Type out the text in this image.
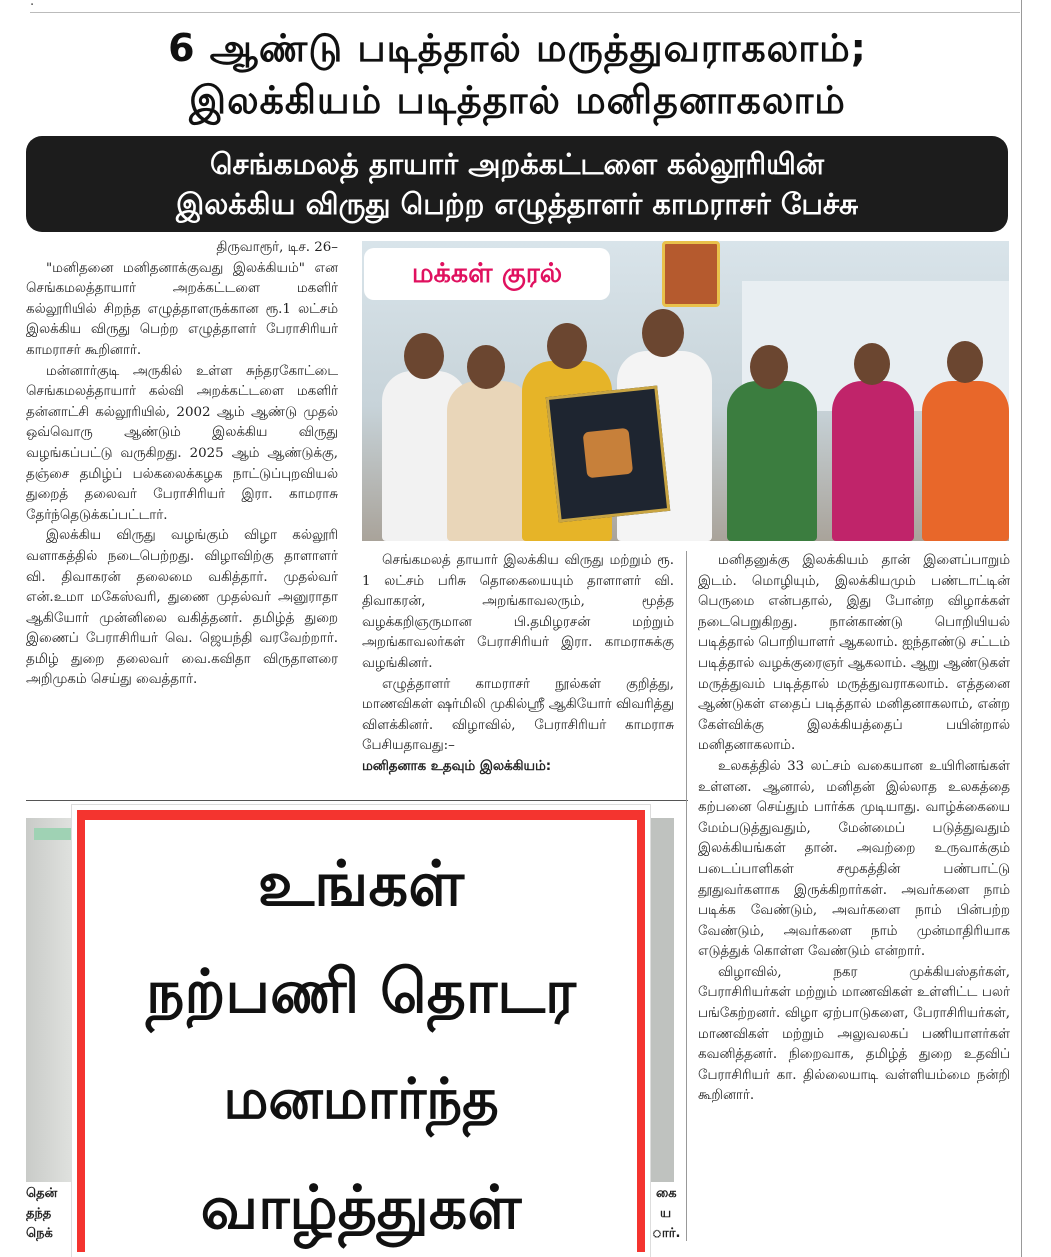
.
6 ஆண்டு படித்தால் மருத்துவராகலாம்;
இலக்கியம் படித்தால் மனிதனாகலாம்
செங்கமலத் தாயார் அறக்கட்டளை கல்லூரியின்
இலக்கிய விருது பெற்ற எழுத்தாளர் காமராசர் பேச்சு

திருவாரூர், டிச. 26–

"மனிதனை மனிதனாக்குவது இலக்கியம்" என செங்கமலத்தாயார் அறக்கட்டளை மகளிர் கல்லூரியில் சிறந்த எழுத்தாளருக்கான ரூ.1 லட்சம் இலக்கிய விருது பெற்ற எழுத்தாளர் பேராசிரியர் காமராசர் கூறினார்.

மன்னார்குடி அருகில் உள்ள சுந்தரகோட்டை செங்கமலத்தாயார் கல்வி அறக்கட்டளை மகளிர் தன்னாட்சி கல்லூரியில், 2002 ஆம் ஆண்டு முதல் ஒவ்வொரு ஆண்டும் இலக்கிய விருது வழங்கப்பட்டு வருகிறது. 2025 ஆம் ஆண்டுக்கு, தஞ்சை தமிழ்ப் பல்கலைக்கழக நாட்டுப்புறவியல் துறைத் தலைவர் பேராசிரியர் இரா. காமராசு தேர்ந்தெடுக்கப்பட்டார்.

இலக்கிய விருது வழங்கும் விழா கல்லூரி வளாகத்தில் நடைபெற்றது. விழாவிற்கு தாளாளர் வி. திவாகரன் தலைமை வகித்தார். முதல்வர் என்.உமா மகேஸ்வரி, துணை முதல்வர் அனுராதா ஆகியோர் முன்னிலை வகித்தனர். தமிழ்த் துறை இணைப் பேராசிரியர் வெ. ஜெயந்தி வரவேற்றார். தமிழ் துறை தலைவர் வை.கவிதா விருதாளரை அறிமுகம் செய்து வைத்தார்.

மக்கள் குரல்

செங்கமலத் தாயார் இலக்கிய விருது மற்றும் ரூ. 1 லட்சம் பரிசு தொகையையும் தாளாளர் வி. திவாகரன், அறங்காவலரும், மூத்த வழக்கறிஞருமான பி.தமிழரசன் மற்றும் அறங்காவலர்கள் பேராசிரியர் இரா. காமராசுக்கு வழங்கினர்.

எழுத்தாளர் காமராசர் நூல்கள் குறித்து, மாணவிகள் ஷர்மிலி முகில்ஸ்ரீ ஆகியோர் விவரித்து விளக்கினர். விழாவில், பேராசிரியர் காமராசு பேசியதாவது:–

மனிதனாக உதவும் இலக்கியம்:

மனிதனுக்கு இலக்கியம் தான் இளைப்பாறும் இடம். மொழியும், இலக்கியமும் பண்டாட்டின் பெருமை என்பதால், இது போன்ற விழாக்கள் நடைபெறுகிறது. நான்காண்டு பொறியியல் படித்தால் பொறியாளர் ஆகலாம். ஐந்தாண்டு சட்டம் படித்தால் வழக்குரைஞர் ஆகலாம். ஆறு ஆண்டுகள் மருத்துவம் படித்தால் மருத்துவராகலாம். எத்தனை ஆண்டுகள் எதைப் படித்தால் மனிதனாகலாம், என்ற கேள்விக்கு இலக்கியத்தைப் பயின்றால் மனிதனாகலாம்.

உலகத்தில் 33 லட்சம் வகையான உயிரினங்கள் உள்ளன. ஆனால், மனிதன் இல்லாத உலகத்தை கற்பனை செய்தும் பார்க்க முடியாது. வாழ்க்கையை மேம்படுத்துவதும், மேன்மைப் படுத்துவதும் இலக்கியங்கள் தான். அவற்றை உருவாக்கும் படைப்பாளிகள் சமூகத்தின் பண்பாட்டு தூதுவர்களாக இருக்கிறார்கள். அவர்களை நாம் படிக்க வேண்டும், அவர்களை நாம் பின்பற்ற வேண்டும், அவர்களை நாம் முன்மாதிரியாக எடுத்துக் கொள்ள வேண்டும் என்றார்.

விழாவில், நகர முக்கியஸ்தர்கள், பேராசிரியர்கள் மற்றும் மாணவிகள் உள்ளிட்ட பலர் பங்கேற்றனர். விழா ஏற்பாடுகளை, பேராசிரியர்கள், மாணவிகள் மற்றும் அலுவலகப் பணியாளர்கள் கவனித்தனர். நிறைவாக, தமிழ்த் துறை உதவிப் பேராசிரியர் கா. தில்லையாடி வள்ளியம்மை நன்றி கூறினார்.

தென்
தந்த
நெக்
கை
ய
ார்.
உங்கள்
நற்பணி தொடர
மனமார்ந்த
வாழ்த்துகள்
